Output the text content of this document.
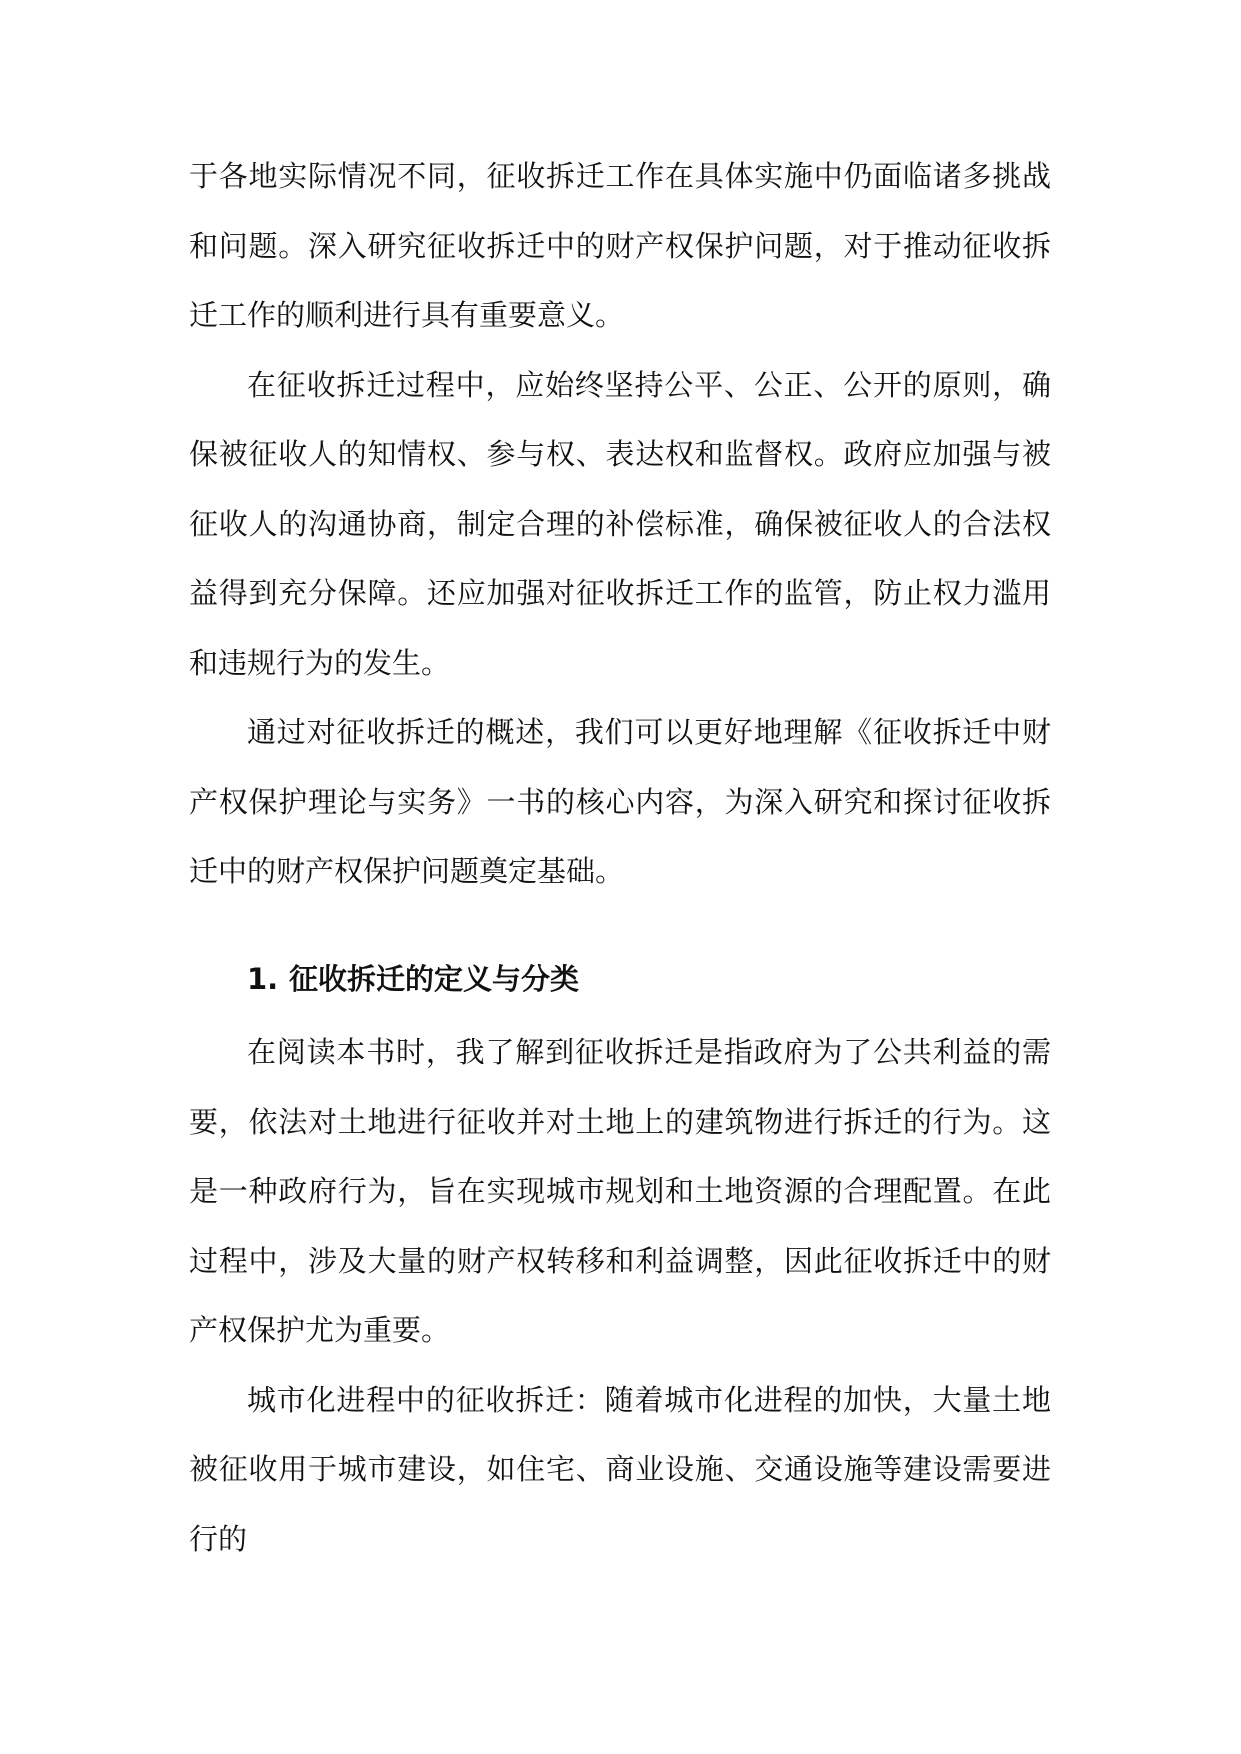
于各地实际情况不同，征收拆迁工作在具体实施中仍面临诸多挑战和问题。深入研究征收拆迁中的财产权保护问题，对于推动征收拆迁工作的顺利进行具有重要意义。

在征收拆迁过程中，应始终坚持公平、公正、公开的原则，确保被征收人的知情权、参与权、表达权和监督权。政府应加强与被征收人的沟通协商，制定合理的补偿标准，确保被征收人的合法权益得到充分保障。还应加强对征收拆迁工作的监管，防止权力滥用和违规行为的发生。

通过对征收拆迁的概述，我们可以更好地理解《征收拆迁中财产权保护理论与实务》一书的核心内容，为深入研究和探讨征收拆迁中的财产权保护问题奠定基础。

1. 征收拆迁的定义与分类

在阅读本书时，我了解到征收拆迁是指政府为了公共利益的需要，依法对土地进行征收并对土地上的建筑物进行拆迁的行为。这是一种政府行为，旨在实现城市规划和土地资源的合理配置。在此过程中，涉及大量的财产权转移和利益调整，因此征收拆迁中的财产权保护尤为重要。

城市化进程中的征收拆迁：随着城市化进程的加快，大量土地被征收用于城市建设，如住宅、商业设施、交通设施等建设需要进行的
